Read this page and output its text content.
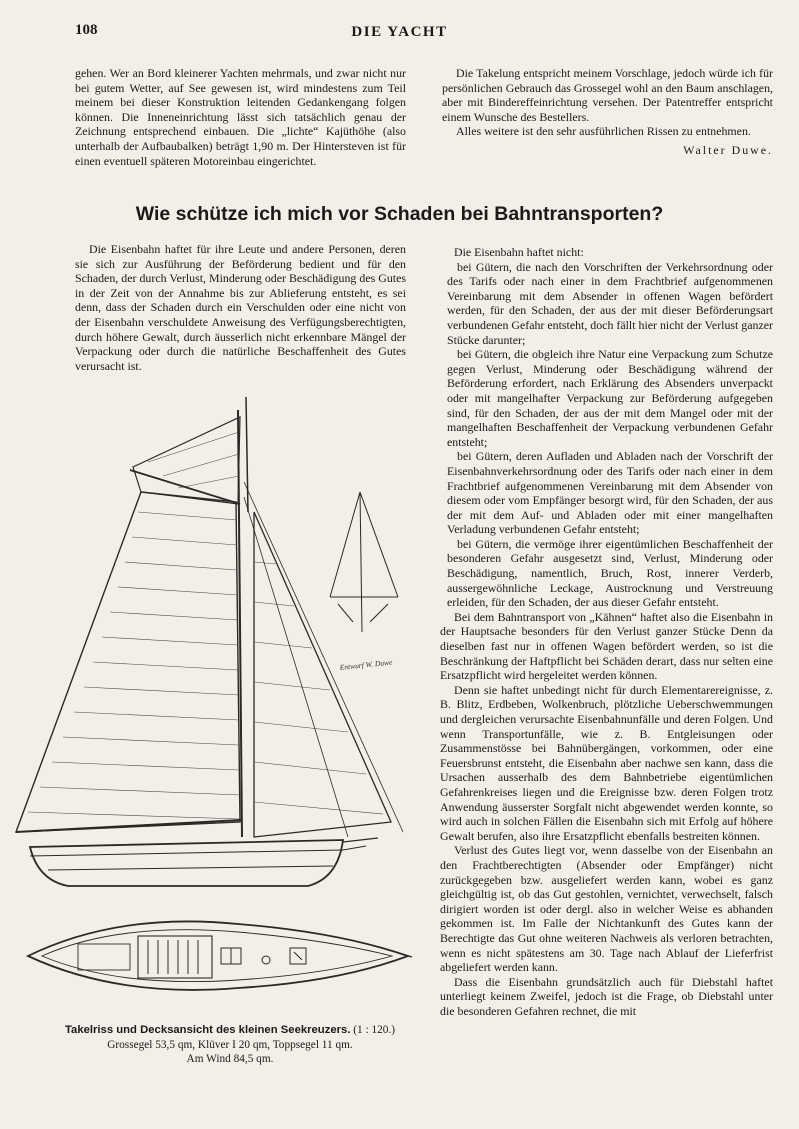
108	DIE YACHT

gehen. Wer an Bord kleinerer Yachten mehrmals, und zwar nicht nur bei gutem Wetter, auf See gewesen ist, wird mindestens zum Teil meinem bei dieser Konstruktion leitenden Gedankengang folgen können. Die Inneneinrichtung lässt sich tatsächlich genau der Zeichnung entsprechend einbauen. Die „lichte“ Kajüthöhe (also unterhalb der Aufbaubalken) beträgt 1,90 m. Der Hintersteven ist für einen eventuell späteren Motoreinbau eingerichtet.

Die Takelung entspricht meinem Vorschlage, jedoch würde ich für persönlichen Gebrauch das Grossegel wohl an den Baum anschlagen, aber mit Bindereffeinrichtung versehen. Der Patentreffer entspricht einem Wunsche des Bestellers.

Alles weitere ist den sehr ausführlichen Rissen zu entnehmen.

Walter Duwe.

Wie schütze ich mich vor Schaden bei Bahntransporten?

Die Eisenbahn haftet für ihre Leute und andere Personen, deren sie sich zur Ausführung der Beförderung bedient und für den Schaden, der durch Verlust, Minderung oder Beschädigung des Gutes in der Zeit von der Annahme bis zur Ablieferung entsteht, es sei denn, dass der Schaden durch ein Verschulden oder eine nicht von der Eisenbahn verschuldete Anweisung des Verfügungsberechtigten, durch höhere Gewalt, durch äusserlich nicht erkennbare Mängel der Verpackung oder durch die natürliche Beschaffenheit des Gutes verursacht ist.

Die Eisenbahn haftet nicht:

bei Gütern, die nach den Vorschriften der Verkehrsordnung oder des Tarifs oder nach einer in dem Frachtbrief aufgenommenen Vereinbarung mit dem Absender in offenen Wagen befördert werden, für den Schaden, der aus der mit dieser Beförderungsart verbundenen Gefahr entsteht, doch fällt hier nicht der Verlust ganzer Stücke darunter;

bei Gütern, die obgleich ihre Natur eine Verpackung zum Schutze gegen Verlust, Minderung oder Beschädigung während der Beförderung erfordert, nach Erklärung des Absenders unverpackt oder mit mangelhafter Verpackung zur Beförderung aufgegeben sind, für den Schaden, der aus der mit dem Mangel oder mit der mangelhaften Beschaffenheit der Verpackung verbundenen Gefahr entsteht;

bei Gütern, deren Aufladen und Abladen nach der Vorschrift der Eisenbahnverkehrsordnung oder des Tarifs oder nach einer in dem Frachtbrief aufgenommenen Vereinbarung mit dem Absender von diesem oder vom Empfänger besorgt wird, für den Schaden, der aus der mit dem Auf- und Abladen oder mit einer mangelhaften Verladung verbundenen Gefahr entsteht;

bei Gütern, die vermöge ihrer eigentümlichen Beschaffenheit der besonderen Gefahr ausgesetzt sind, Verlust, Minderung oder Beschädigung, namentlich, Bruch, Rost, innerer Verderb, aussergewöhnliche Leckage, Austrocknung und Verstreuung erleiden, für den Schaden, der aus dieser Gefahr entsteht.

Bei dem Bahntransport von „Kähnen“ haftet also die Eisenbahn in der Hauptsache besonders für den Verlust ganzer Stücke Denn da dieselben fast nur in offenen Wagen befördert werden, so ist die Beschränkung der Haftpflicht bei Schäden derart, dass nur selten eine Ersatzpflicht wird hergeleitet werden können.

Denn sie haftet unbedingt nicht für durch Elementarereignisse, z. B. Blitz, Erdbeben, Wolkenbruch, plötzliche Ueberschwemmungen und dergleichen verursachte Eisenbahnunfälle und deren Folgen. Und wenn Transportunfälle, wie z. B. Entgleisungen oder Zusammenstösse bei Bahnübergängen, vorkommen, oder eine Feuersbrunst entsteht, die Eisenbahn aber nachwe sen kann, dass die Ursachen ausserhalb des dem Bahnbetriebe eigentümlichen Gefahrenkreises liegen und die Ereignisse bzw. deren Folgen trotz Anwendung äusserster Sorgfalt nicht abgewendet werden konnte, so wird auch in solchen Fällen die Eisenbahn sich mit Erfolg auf höhere Gewalt berufen, also ihre Ersatzpflicht ebenfalls bestreiten können.

Verlust des Gutes liegt vor, wenn dasselbe von der Eisenbahn an den Frachtberechtigten (Absender oder Empfänger) nicht zurückgegeben bzw. ausgeliefert werden kann, wobei es ganz gleichgültig ist, ob das Gut gestohlen, vernichtet, verwechselt, falsch dirigiert worden ist oder dergl. also in welcher Weise es abhanden gekommen ist. Im Falle der Nichtankunft des Gutes kann der Berechtigte das Gut ohne weiteren Nachweis als verloren betrachten, wenn es nicht spätestens am 30. Tage nach Ablauf der Lieferfrist abgeliefert werden kann.

Dass die Eisenbahn grundsätzlich auch für Diebstahl haftet unterliegt keinem Zweifel, jedoch ist die Frage, ob Diebstahl unter die besonderen Gefahren rechnet, die mit

Entwurf W. Duwe
Takelriss und Decksansicht des kleinen Seekreuzers. (1 : 120.)
Grossegel 53,5 qm, Klüver I 20 qm, Toppsegel 11 qm.
Am Wind 84,5 qm.
